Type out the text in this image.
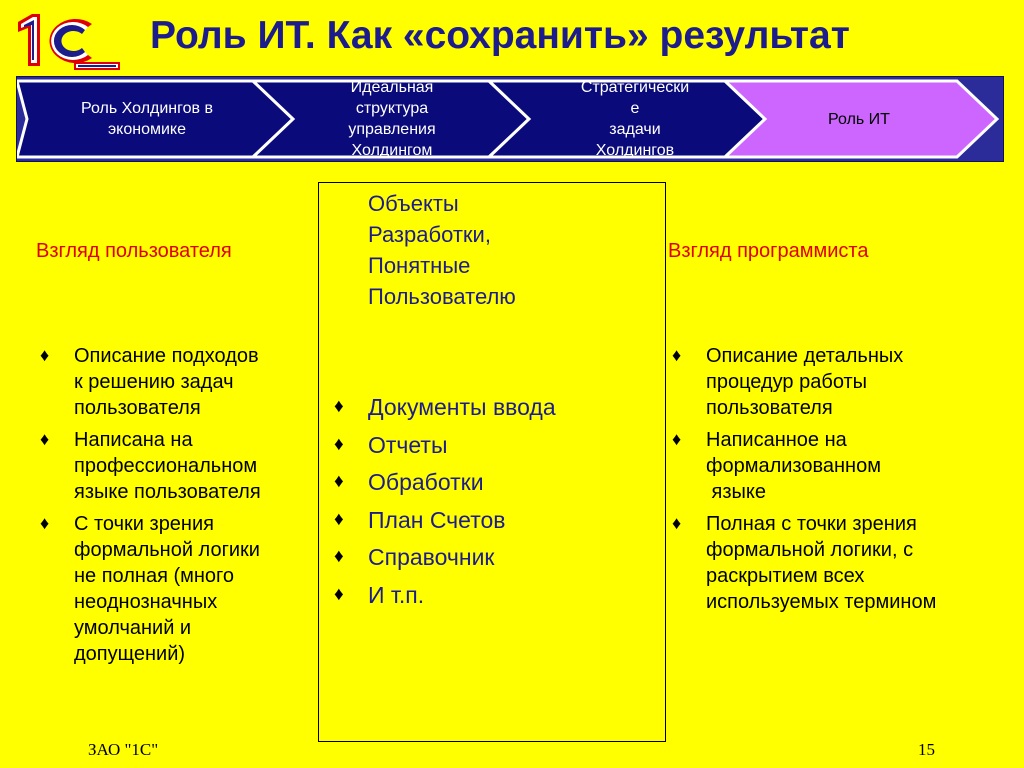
Роль ИТ. Как «сохранить» результат
Роль Холдингов в
экономике
Идеальная
структура
управления
Холдингом
Стратегически
е
задачи
Холдингов
Роль ИТ
Взгляд пользователя
♦ Описание подходов
к решению задач
пользователя
♦ Написана на
профессиональном
языке пользователя
♦ С точки зрения
формальной логики
не полная (много
неоднозначных
умолчаний и
допущений)
Объекты
Разработки,
Понятные
Пользователю
♦ Документы ввода
♦ Отчеты
♦ Обработки
♦ План Счетов
♦ Справочник
♦ И т.п.
Взгляд программиста
♦ Описание детальных
процедур работы
пользователя
♦ Написанное на
формализованном
языке
♦ Полная с точки зрения
формальной логики, с
раскрытием всех
используемых термином
ЗАО "1С"	15
